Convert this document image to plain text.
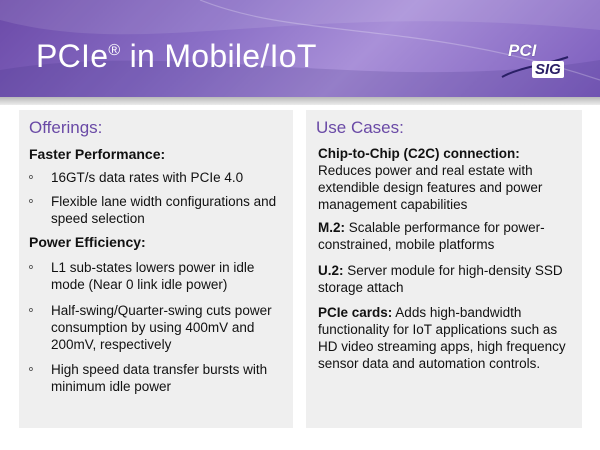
PCIe® in Mobile/IoT	PCI
SIG
Offerings:
Faster Performance:
o 16GT/s data rates with PCIe 4.0
o Flexible lane width configurations and speed selection
Power Efficiency:
o L1 sub-states lowers power in idle mode (Near 0 link idle power)
o Half-swing/Quarter-swing cuts power consumption by using 400mV and 200mV, respectively
o High speed data transfer bursts with minimum idle power
Use Cases:
Chip-to-Chip (C2C) connection: Reduces power and real estate with extendible design features and power management capabilities
M.2: Scalable performance for power-constrained, mobile platforms
U.2: Server module for high-density SSD storage attach
PCIe cards: Adds high-bandwidth functionality for IoT applications such as HD video streaming apps, high frequency sensor data and automation controls.
